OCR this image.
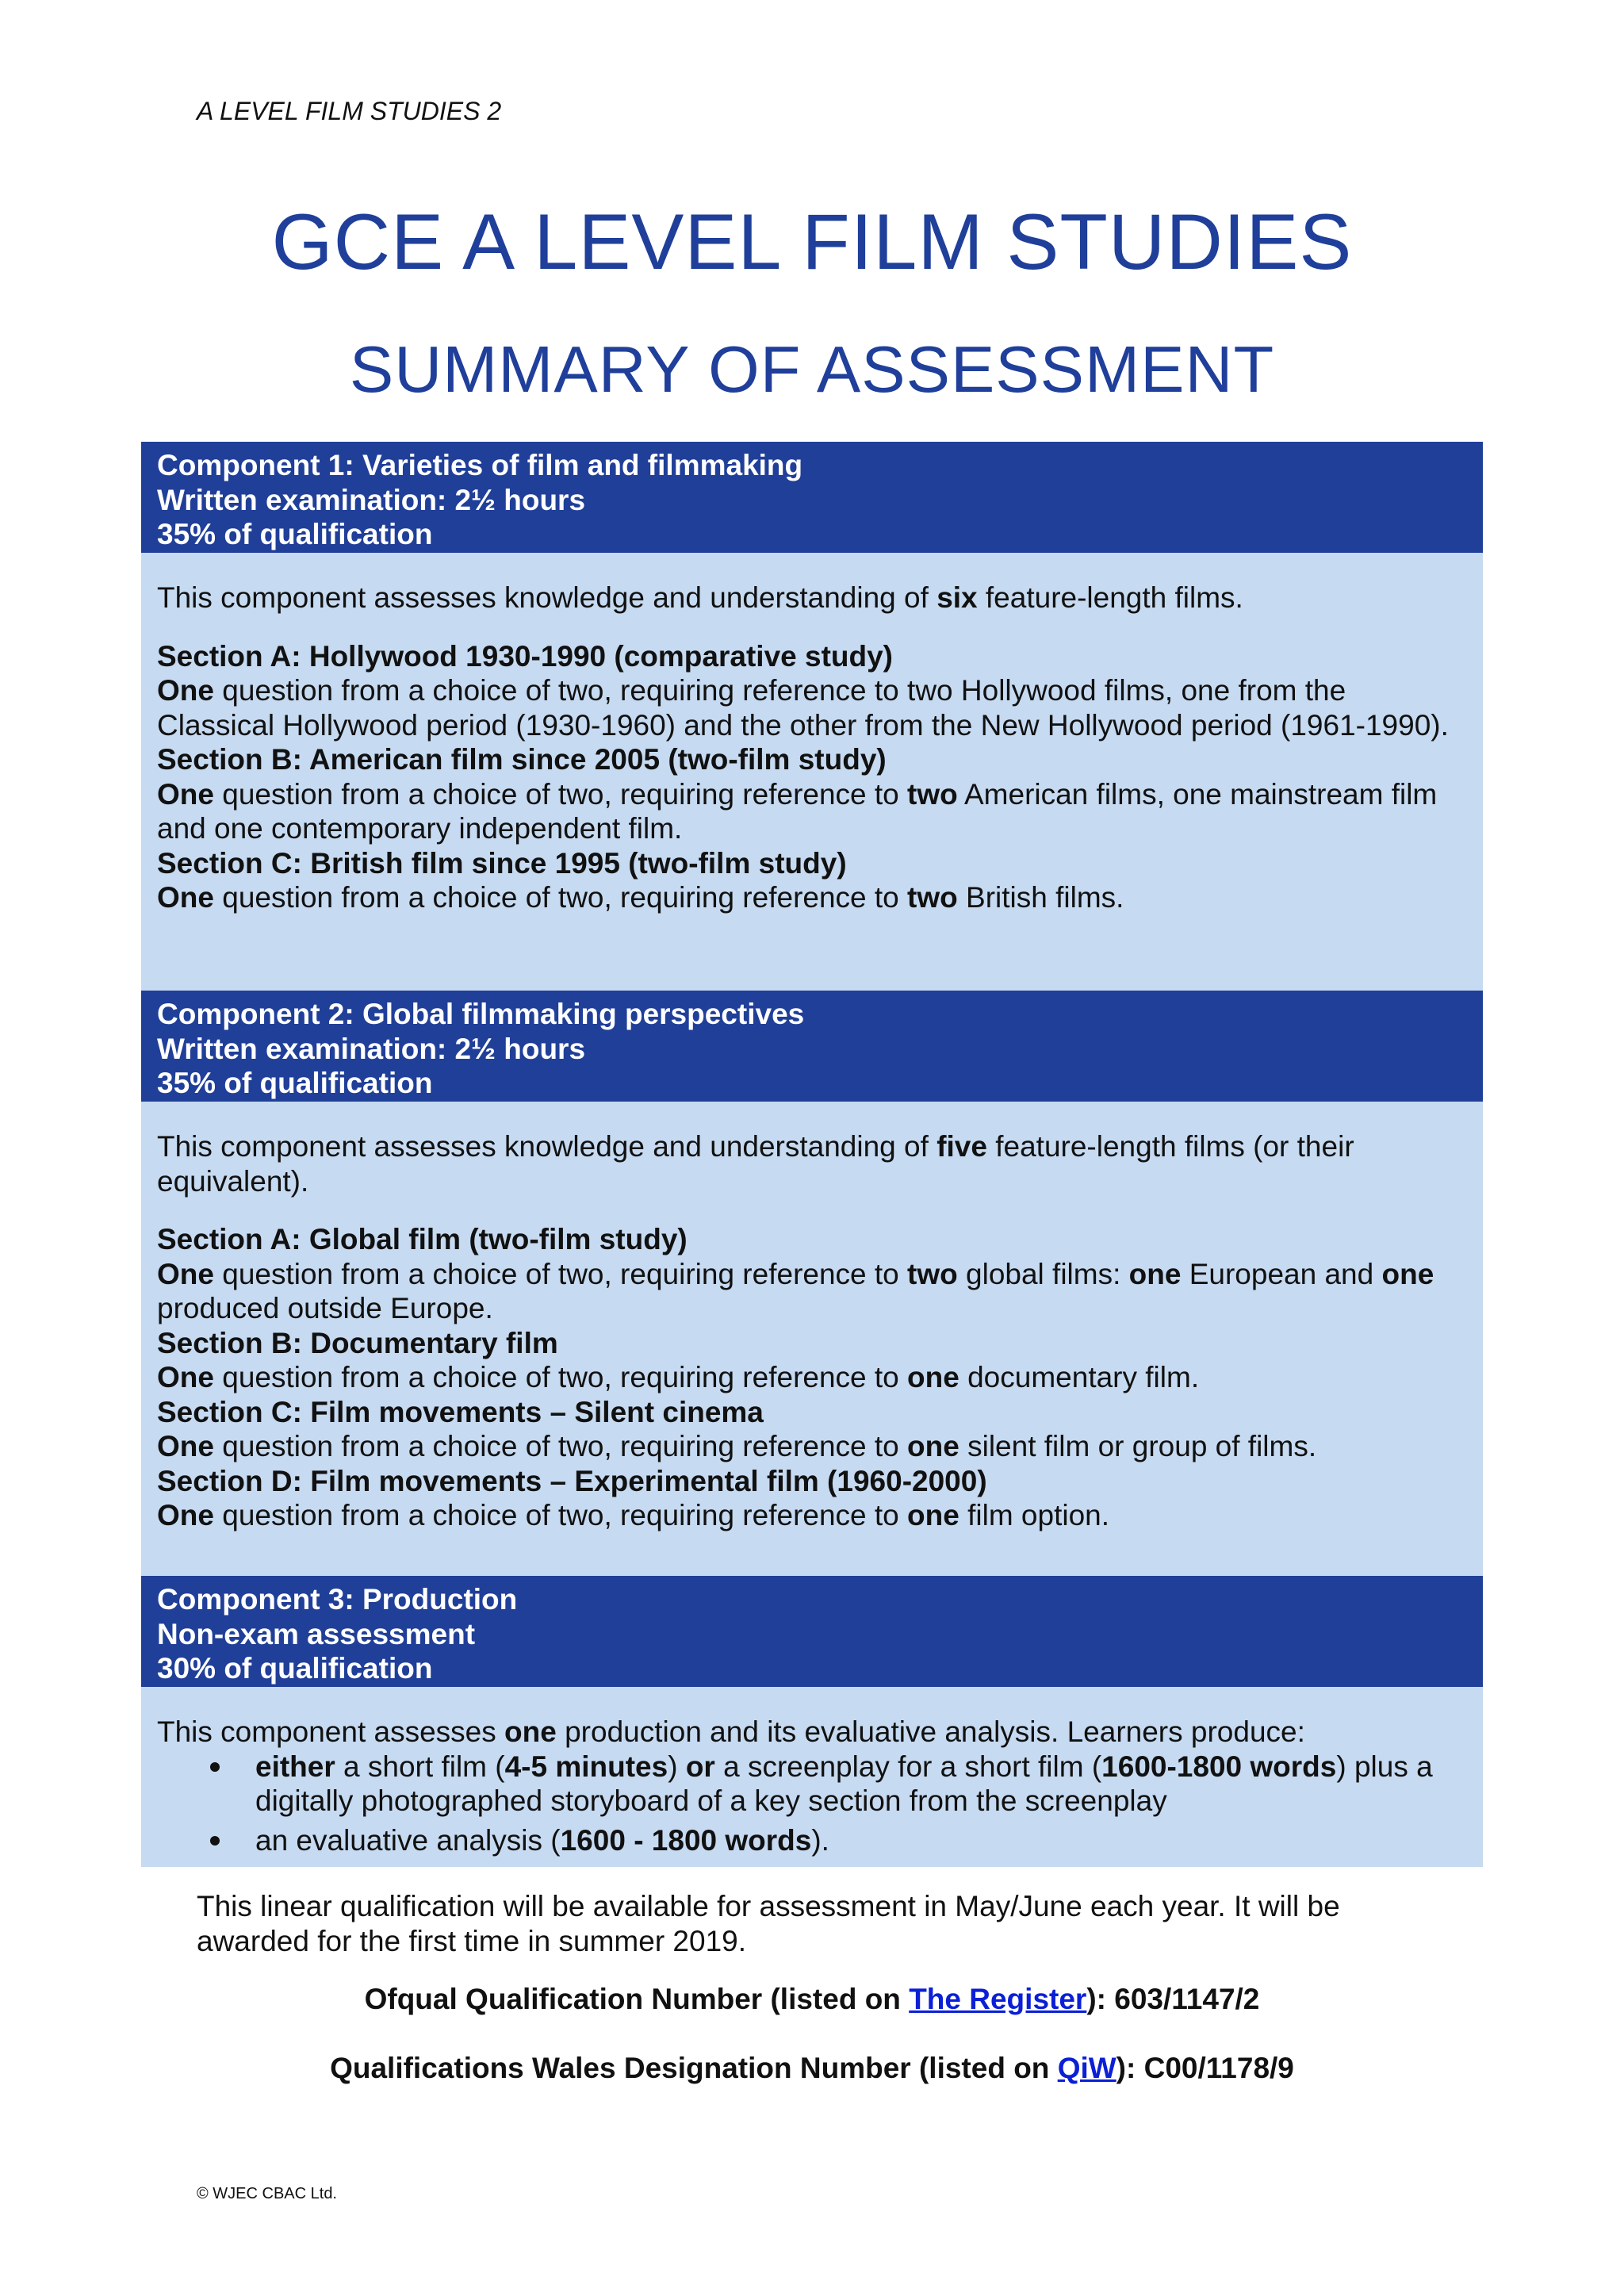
A LEVEL FILM STUDIES 2
GCE A LEVEL FILM STUDIES
SUMMARY OF ASSESSMENT
Component 1: Varieties of film and filmmaking
Written examination: 2½ hours
35% of qualification

This component assesses knowledge and understanding of six feature-length films.

Section A: Hollywood 1930-1990 (comparative study)

One question from a choice of two, requiring reference to two Hollywood films, one from the Classical Hollywood period (1930-1960) and the other from the New Hollywood period (1961-1990).

Section B: American film since 2005 (two-film study)

One question from a choice of two, requiring reference to two American films, one mainstream film and one contemporary independent film.

Section C: British film since 1995 (two-film study)

One question from a choice of two, requiring reference to two British films.

Component 2: Global filmmaking perspectives
Written examination: 2½ hours
35% of qualification

This component assesses knowledge and understanding of five feature-length films (or their equivalent).

Section A: Global film (two-film study)

One question from a choice of two, requiring reference to two global films: one European and one produced outside Europe.

Section B: Documentary film

One question from a choice of two, requiring reference to one documentary film.

Section C: Film movements – Silent cinema

One question from a choice of two, requiring reference to one silent film or group of films.

Section D: Film movements – Experimental film (1960-2000)

One question from a choice of two, requiring reference to one film option.

Component 3: Production
Non-exam assessment
30% of qualification

This component assesses one production and its evaluative analysis. Learners produce:

either a short film (4-5 minutes) or a screenplay for a short film (1600-1800 words) plus a digitally photographed storyboard of a key section from the screenplay
an evaluative analysis (1600 - 1800 words).

This linear qualification will be available for assessment in May/June each year. It will be awarded for the first time in summer 2019.

Ofqual Qualification Number (listed on The Register): 603/1147/2
Qualifications Wales Designation Number (listed on QiW): C00/1178/9
© WJEC CBAC Ltd.
